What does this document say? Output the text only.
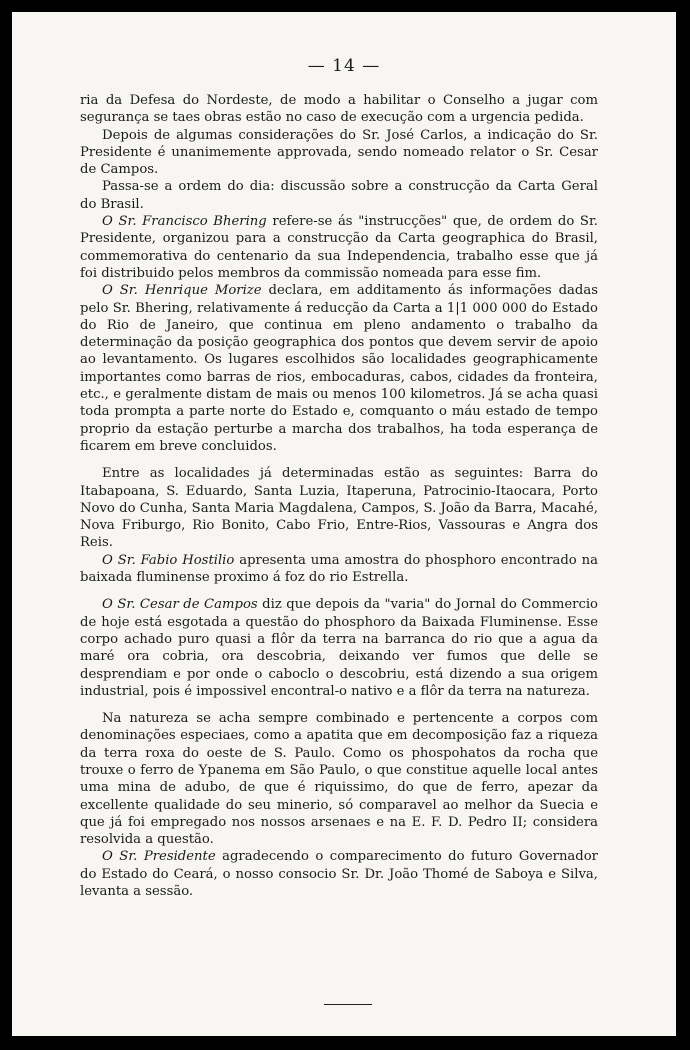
— 14 —

ria da Defesa do Nordeste, de modo a habilitar o Conselho a jugar com segurança se taes obras estão no caso de execução com a urgencia pedida.

Depois de algumas considerações do Sr. José Carlos, a indicação do Sr. Presidente é unanimemente approvada, sendo nomeado relator o Sr. Cesar de Campos.

Passa-se a ordem do dia: discussão sobre a construcção da Carta Geral do Brasil.

O Sr. Francisco Bhering refere-se ás "instrucções" que, de ordem do Sr. Presidente, organizou para a construcção da Carta geographica do Brasil, commemorativa do centenario da sua Independencia, trabalho esse que já foi distribuido pelos membros da commissão nomeada para esse fim.

O Sr. Henrique Morize declara, em additamento ás informações dadas pelo Sr. Bhering, relativamente á reducção da Carta a 1|1 000 000 do Estado do Rio de Janeiro, que continua em pleno andamento o trabalho da determinação da posição geographica dos pontos que devem servir de apoio ao levantamento. Os lugares escolhidos são localidades geographicamente importantes como barras de rios, embocaduras, cabos, cidades da fronteira, etc., e geralmente distam de mais ou menos 100 kilometros. Já se acha quasi toda prompta a parte norte do Estado e, comquanto o máu estado de tempo proprio da estação perturbe a marcha dos trabalhos, ha toda esperança de ficarem em breve concluidos.

Entre as localidades já determinadas estão as seguintes: Barra do Itabapoana, S. Eduardo, Santa Luzia, Itaperuna, Patrocinio-Itaocara, Porto Novo do Cunha, Santa Maria Magdalena, Campos, S. João da Barra, Macahé, Nova Friburgo, Rio Bonito, Cabo Frio, Entre-Rios, Vassouras e Angra dos Reis.

O Sr. Fabio Hostilio apresenta uma amostra do phosphoro encontrado na baixada fluminense proximo á foz do rio Estrella.

O Sr. Cesar de Campos diz que depois da "varia" do Jornal do Commercio de hoje está esgotada a questão do phosphoro da Baixada Fluminense. Esse corpo achado puro quasi a flôr da terra na barranca do rio que a agua da maré ora cobria, ora descobria, deixando ver fumos que delle se desprendiam e por onde o caboclo o descobriu, está dizendo a sua origem industrial, pois é impossivel encontral-o nativo e a flôr da terra na natureza.

Na natureza se acha sempre combinado e pertencente a corpos com denominações especiaes, como a apatita que em decomposição faz a riqueza da terra roxa do oeste de S. Paulo. Como os phospohatos da rocha que trouxe o ferro de Ypanema em São Paulo, o que constitue aquelle local antes uma mina de adubo, de que é riquissimo, do que de ferro, apezar da excellente qualidade do seu minerio, só comparavel ao melhor da Suecia e que já foi empregado nos nossos arsenaes e na E. F. D. Pedro II; considera resolvida a questão.

O Sr. Presidente agradecendo o comparecimento do futuro Governador do Estado do Ceará, o nosso consocio Sr. Dr. João Thomé de Saboya e Silva, levanta a sessão.
